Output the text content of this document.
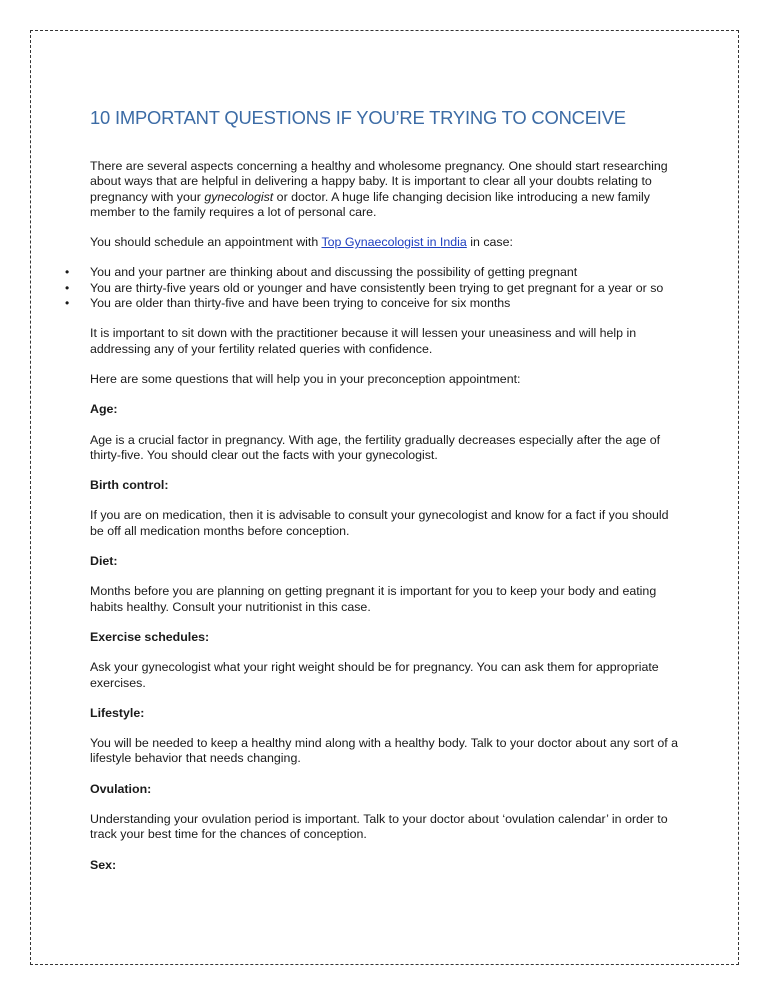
10 IMPORTANT QUESTIONS IF YOU’RE TRYING TO CONCEIVE

There are several aspects concerning a healthy and wholesome pregnancy. One should start researching about ways that are helpful in delivering a happy baby. It is important to clear all your doubts relating to pregnancy with your gynecologist or doctor. A huge life changing decision like introducing a new family member to the family requires a lot of personal care.

You should schedule an appointment with Top Gynaecologist in India in case:

• You and your partner are thinking about and discussing the possibility of getting pregnant
• You are thirty-five years old or younger and have consistently been trying to get pregnant for a year or so
• You are older than thirty-five and have been trying to conceive for six months

It is important to sit down with the practitioner because it will lessen your uneasiness and will help in addressing any of your fertility related queries with confidence.

Here are some questions that will help you in your preconception appointment:

Age:

Age is a crucial factor in pregnancy. With age, the fertility gradually decreases especially after the age of thirty-five. You should clear out the facts with your gynecologist.

Birth control:

If you are on medication, then it is advisable to consult your gynecologist and know for a fact if you should be off all medication months before conception.

Diet:

Months before you are planning on getting pregnant it is important for you to keep your body and eating habits healthy. Consult your nutritionist in this case.

Exercise schedules:

Ask your gynecologist what your right weight should be for pregnancy. You can ask them for appropriate exercises.

Lifestyle:

You will be needed to keep a healthy mind along with a healthy body. Talk to your doctor about any sort of a lifestyle behavior that needs changing.

Ovulation:

Understanding your ovulation period is important. Talk to your doctor about ‘ovulation calendar’ in order to track your best time for the chances of conception.

Sex:
